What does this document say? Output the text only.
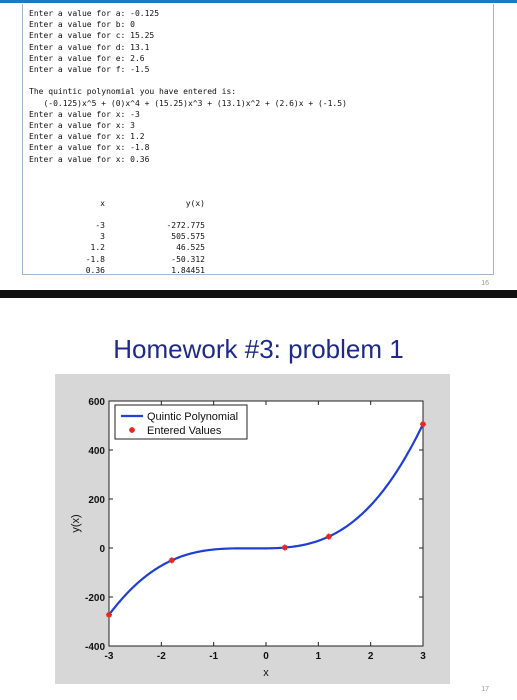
Enter a value for a: -0.125
Enter a value for b: 0
Enter a value for c: 15.25
Enter a value for d: 13.1
Enter a value for e: 2.6
Enter a value for f: -1.5
The quintic polynomial you have entered is:
(-0.125)x^5 + (0)x^4 + (15.25)x^3 + (13.1)x^2 + (2.6)x + (-1.5)
Enter a value for x: -3
Enter a value for x: 3
Enter a value for x: 1.2
Enter a value for x: -1.8
Enter a value for x: 0.36
x	y(x)
-3	-272.775
3	505.575
1.2	46.525
-1.8	-50.312
0.36	1.84451
16
Homework #3: problem 1
-3	-2	-1	0	1	2	3
-400
-200
0
200
400
600
x
y(x)
Quintic Polynomial
Entered Values
17
